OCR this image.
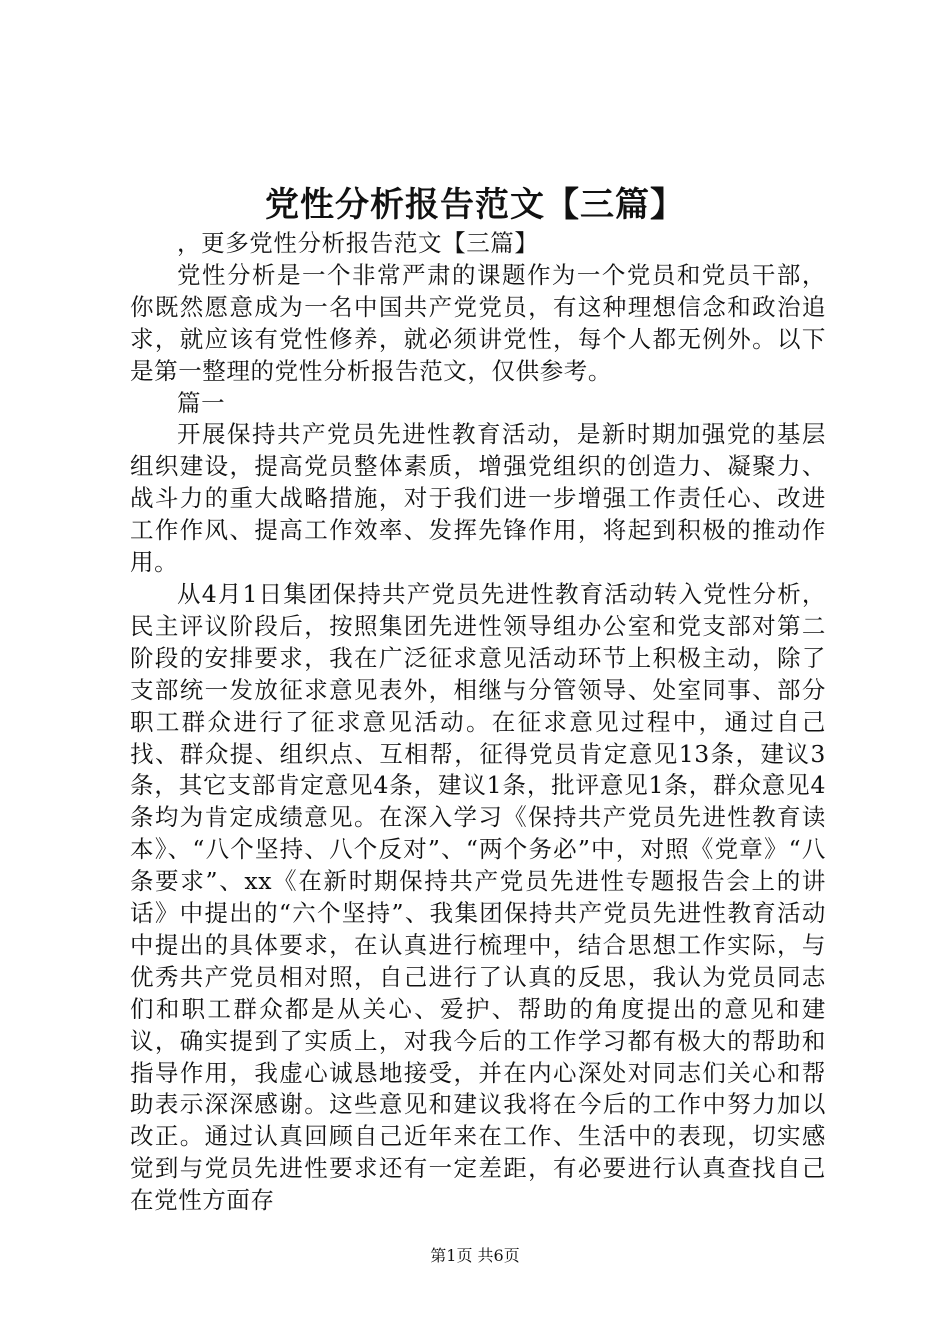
党性分析报告范文【三篇】

，更多党性分析报告范文【三篇】

党性分析是一个非常严肃的课题作为一个党员和党员干部，你既然愿意成为一名中国共产党党员，有这种理想信念和政治追求，就应该有党性修养，就必须讲党性，每个人都无例外。以下是第一整理的党性分析报告范文，仅供参考。

篇一

开展保持共产党员先进性教育活动，是新时期加强党的基层组织建设，提高党员整体素质，增强党组织的创造力、凝聚力、战斗力的重大战略措施，对于我们进一步增强工作责任心、改进工作作风、提高工作效率、发挥先锋作用，将起到积极的推动作用。

从4月1日集团保持共产党员先进性教育活动转入党性分析，民主评议阶段后，按照集团先进性领导组办公室和党支部对第二阶段的安排要求，我在广泛征求意见活动环节上积极主动，除了支部统一发放征求意见表外，相继与分管领导、处室同事、部分职工群众进行了征求意见活动。在征求意见过程中，通过自己找、群众提、组织点、互相帮，征得党员肯定意见13条，建议3条，其它支部肯定意见4条，建议1条，批评意见1条，群众意见4条均为肯定成绩意见。在深入学习《保持共产党员先进性教育读本》、“八个坚持、八个反对”、“两个务必”中，对照《党章》“八条要求”、xx《在新时期保持共产党员先进性专题报告会上的讲话》中提出的“六个坚持”、我集团保持共产党员先进性教育活动中提出的具体要求，在认真进行梳理中，结合思想工作实际，与优秀共产党员相对照，自己进行了认真的反思，我认为党员同志们和职工群众都是从关心、爱护、帮助的角度提出的意见和建议，确实提到了实质上，对我今后的工作学习都有极大的帮助和指导作用，我虚心诚恳地接受，并在内心深处对同志们关心和帮助表示深深感谢。这些意见和建议我将在今后的工作中努力加以改正。通过认真回顾自己近年来在工作、生活中的表现，切实感觉到与党员先进性要求还有一定差距，有必要进行认真查找自己在党性方面存

第1页 共6页
